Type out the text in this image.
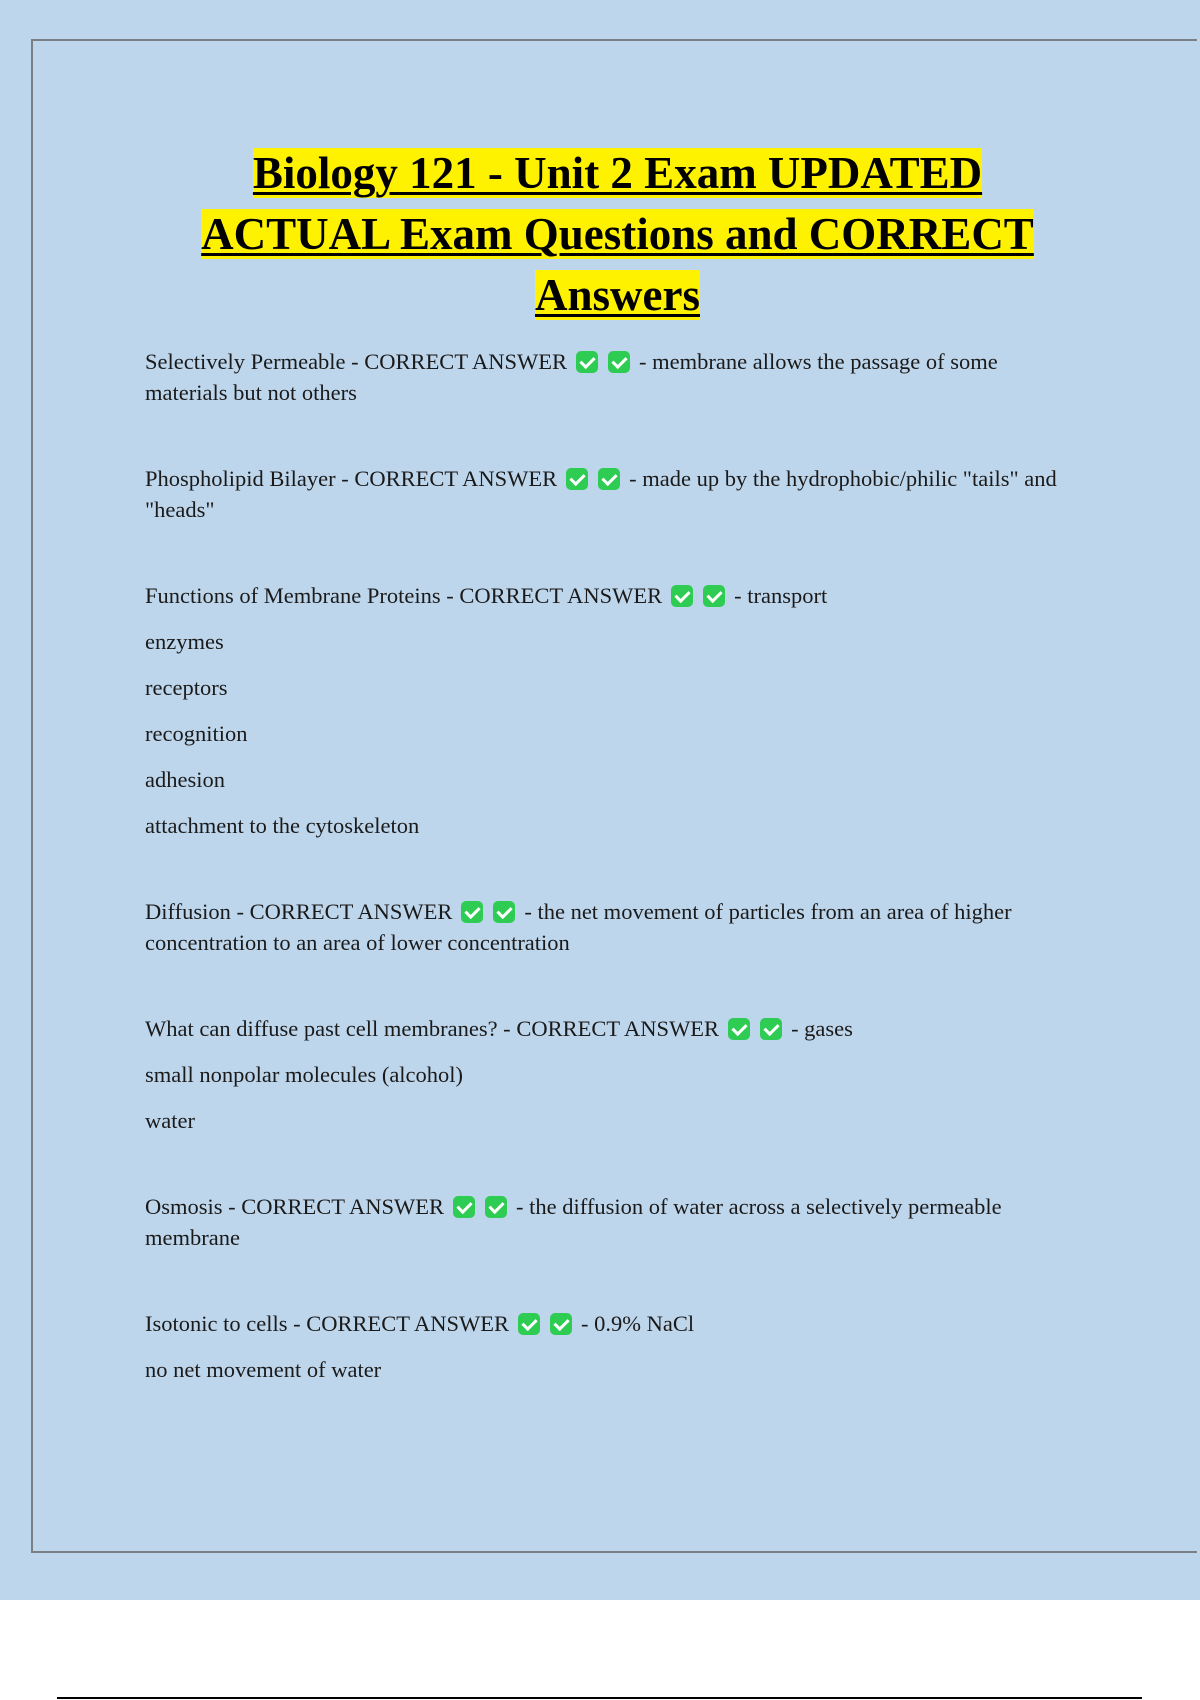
Biology 121 - Unit 2 Exam UPDATED
ACTUAL Exam Questions and CORRECT
Answers

Selectively Permeable - CORRECT ANSWER	- membrane allows the passage of some materials but not others

Phospholipid Bilayer - CORRECT ANSWER	- made up by the hydrophobic/philic "tails" and "heads"

Functions of Membrane Proteins - CORRECT ANSWER	- transport

enzymes

receptors

recognition

adhesion

attachment to the cytoskeleton

Diffusion - CORRECT ANSWER	- the net movement of particles from an area of higher concentration to an area of lower concentration

What can diffuse past cell membranes? - CORRECT ANSWER	- gases

small nonpolar molecules (alcohol)

water

Osmosis - CORRECT ANSWER	- the diffusion of water across a selectively permeable membrane

Isotonic to cells - CORRECT ANSWER	- 0.9% NaCl

no net movement of water
